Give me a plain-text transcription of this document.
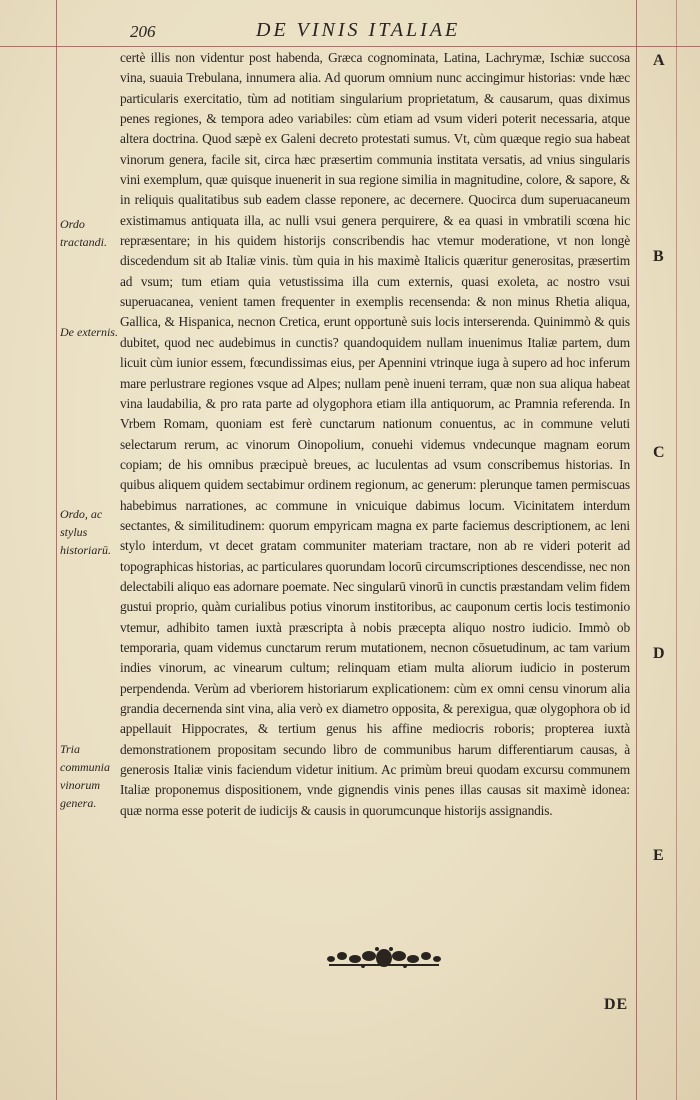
206	DE VINIS ITALIAE

certè illis non videntur post habenda, Græca cognominata, Latina, Lachrymæ, Ischiæ succosa vina, suauia Trebulana, innumera alia. Ad quorum omnium nunc accingimur historias: vnde hæc particularis exercitatio, tùm ad notitiam singularium proprietatum, & causarum, quas diximus penes regiones, & tempora adeo variabiles: cùm etiam ad vsum videri poterit necessaria, atque altera doctrina. Quod sæpè ex Galeni decreto protestati sumus. Vt, cùm quæque regio sua habeat vinorum genera, facile sit, circa hæc præsertim communia institata versatis, ad vnius singularis vini exemplum, quæ quisque inuenerit in sua regione similia in magnitudine, colore, & sapore, & in reliquis qualitatibus sub eadem classe reponere, ac decernere. Quocirca dum superuacaneum existimamus antiquata illa, ac nulli vsui genera perquirere, & ea quasi in vmbratili scœna hic repræsentare; in his quidem historijs conscribendis hac vtemur moderatione, vt non longè discedendum sit ab Italiæ vinis. tùm quia in his maximè Italicis quæritur generositas, præsertim ad vsum; tum etiam quia vetustissima illa cum externis, quasi exoleta, ac nostro vsui superuacanea, venient tamen frequenter in exemplis recensenda: & non minus Rhetia aliqua, Gallica, & Hispanica, necnon Cretica, erunt opportunè suis locis interserenda. Quinimmò & quis dubitet, quod nec audebimus in cunctis? quandoquidem nullam inuenimus Italiæ partem, dum licuit cùm iunior essem, fœcundissimas eius, per Apennini vtrinque iuga à supero ad hoc inferum mare perlustrare regiones vsque ad Alpes; nullam penè inueni terram, quæ non sua aliqua habeat vina laudabilia, & pro rata parte ad olygophora etiam illa antiquorum, ac Pramnia referenda. In Vrbem Romam, quoniam est ferè cunctarum nationum conuentus, ac in commune veluti selectarum rerum, ac vinorum Oinopolium, conuehi videmus vndecunque magnam eorum copiam; de his omnibus præcipuè breues, ac luculentas ad vsum conscribemus historias. In quibus aliquem quidem sectabimur ordinem regionum, ac generum: plerunque tamen permiscuas habebimus narrationes, ac commune in vnicuique dabimus locum. Vicinitatem interdum sectantes, & similitudinem: quorum empyricam magna ex parte faciemus descriptionem, ac leni stylo interdum, vt decet gratam communiter materiam tractare, non ab re videri poterit ad topographicas historias, ac particulares quorundam locorū circumscriptiones descendisse, nec non delectabili aliquo eas adornare poemate. Nec singularū vinorū in cunctis præstandam velim fidem gustui proprio, quàm curialibus potius vinorum institoribus, ac cauponum certis locis testimonio vtemur, adhibito tamen iuxtà præscripta à nobis præcepta aliquo nostro iudicio. Immò ob temporaria, quam videmus cunctarum rerum mutationem, necnon cōsuetudinum, ac tam varium indies vinorum, ac vinearum cultum; relinquam etiam multa aliorum iudicio in posterum perpendenda. Verùm ad vberiorem historiarum explicationem: cùm ex omni censu vinorum alia grandia decernenda sint vina, alia verò ex diametro opposita, & perexigua, quæ olygophora ob id appellauit Hippocrates, & tertium genus his affine mediocris roboris; propterea iuxtà demonstrationem propositam secundo libro de communibus harum differentiarum causas, à generosis Italiæ vinis faciendum videtur initium. Ac primùm breui quodam excursu communem Italiæ proponemus dispositionem, vnde gignendis vinis penes illas causas sit maximè idonea: quæ norma esse poterit de iudicijs & causis in quorumcunque historijs assignandis.

Ordo tractandi.
De externis.
Ordo, ac stylus historiarū.
Tria communia vinorum genera.
A
B
C
D
E
DE
